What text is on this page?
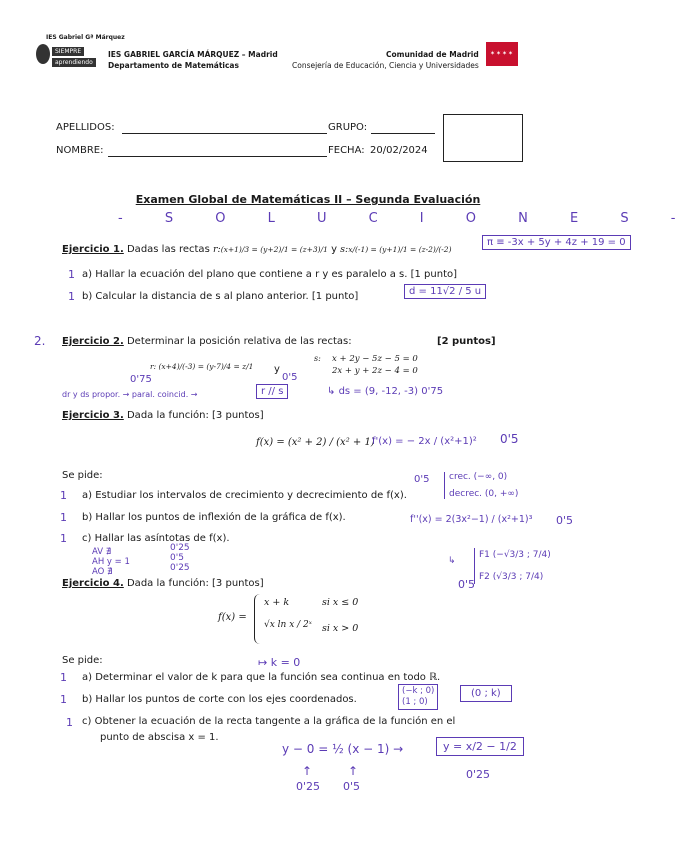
IES Gabriel Gª Márquez
SIEMPRE
aprendiendo
IES GABRIEL GARCÍA MÁRQUEZ – Madrid
Departamento de Matemáticas
Comunidad de Madrid
Consejería de Educación, Ciencia y Universidades
✶✶✶✶
APELLIDOS:	GRUPO:
NOMBRE:	FECHA: 20/02/2024
Examen Global de Matemáticas II – Segunda Evaluación
- S O L U C I O N E S -
Ejercicio 1. Dadas las rectas r:(x+1)/3 = (y+2)/1 = (z+3)/1 y s:x/(-1) = (y+1)/1 = (z-2)/(-2)
π ≡ -3x + 5y + 4z + 19 = 0
1 a) Hallar la ecuación del plano que contiene a r y es paralelo a s. [1 punto]
1 b) Calcular la distancia de s al plano anterior. [1 punto]	d = 11√2 / 5 u
2. Ejercicio 2. Determinar la posición relativa de las rectas:	[2 puntos]
r: (x+4)/(-3) = (y-7)/4 = z/1 y
s: x + 2y − 5z − 5 = 0
2x + y + 2z − 4 = 0
0'75	0'5
dr y ds propor. → paral. coincid. →	r // s	↳ ds = (9, -12, -3) 0'75
Ejercicio 3. Dada la función: [3 puntos]
f(x) = (x² + 2) / (x² + 1)
f'(x) = − 2x / (x²+1)² 0'5
Se pide:	0'5 crec. (−∞, 0)
decrec. (0, +∞)
1 a) Estudiar los intervalos de crecimiento y decrecimiento de f(x).
1 b) Hallar los puntos de inflexión de la gráfica de f(x).	f''(x) = 2(3x²−1) / (x²+1)³ 0'5
1 c) Hallar las asíntotas de f(x).
AV ∄
AH y = 1
AO ∄
0'25
0'5
0'25
↳
0'5
F1 (−√3/3 ; 7/4)
F2 (√3/3 ; 7/4)
Ejercicio 4. Dada la función: [3 puntos]
f(x) =
x + k	si x ≤ 0
√x ln x / 2ˣ si x > 0
Se pide:	↦ k = 0
1 a) Determinar el valor de k para que la función sea continua en todo ℝ.
1 b) Hallar los puntos de corte con los ejes coordenados.
(−k ; 0)
(1 ; 0)
(0 ; k)
1 c) Obtener la ecuación de la recta tangente a la gráfica de la función en el
punto de abscisa x = 1.
y − 0 = ½ (x − 1) →	y = x/2 − 1/2
↑	↑
0'25 0'5
0'25
